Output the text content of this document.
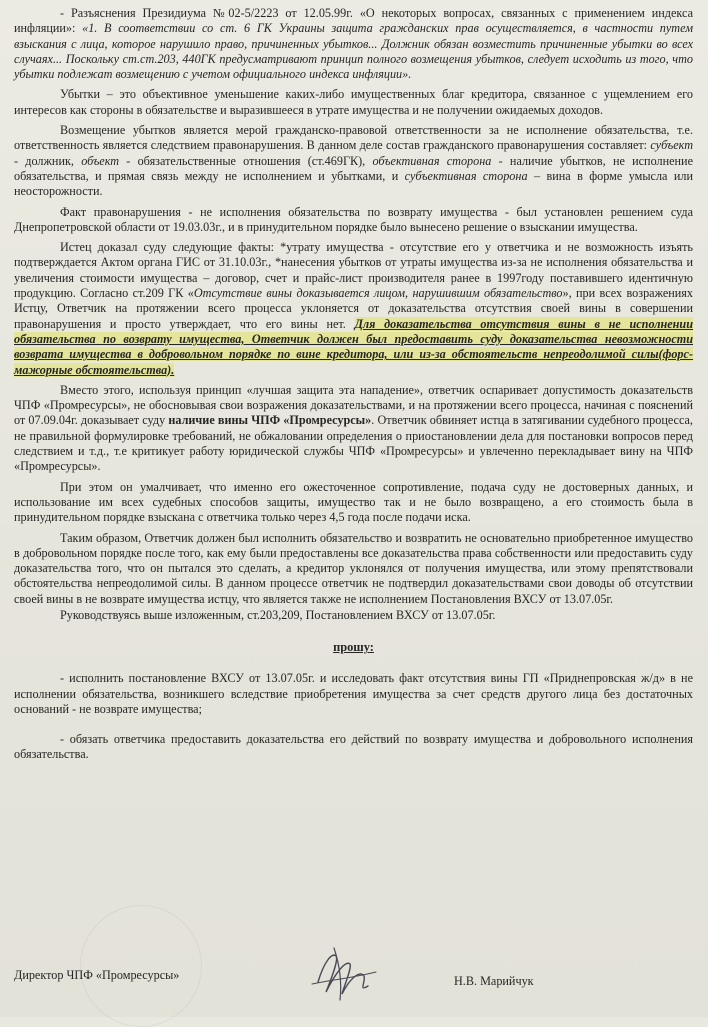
- Разъяснения Президиума №02-5/2223 от 12.05.99г. «О некоторых вопросах, связанных с применением индекса инфляции»: «1. В соответствии со ст. 6 ГК Украины защита гражданских прав осуществляется, в частности путем взыскания с лица, которое нарушило право, причиненных убытков... Должник обязан возместить причиненные убытки во всех случаях... Поскольку ст.ст.203, 440ГК предусматривают принцип полного возмещения убытков, следует исходить из того, что убытки подлежат возмещению с учетом официального индекса инфляции».

Убытки – это объективное уменьшение каких-либо имущественных благ кредитора, связанное с ущемлением его интересов как стороны в обязательстве и выразившееся в утрате имущества и не получении ожидаемых доходов.

Возмещение убытков является мерой гражданско-правовой ответственности за не исполнение обязательства, т.е. ответственность является следствием правонарушения. В данном деле состав гражданского правонарушения составляет: субъект - должник, объект - обязательственные отношения (ст.469ГК), объективная сторона - наличие убытков, не исполнение обязательства, и прямая связь между не исполнением и убытками, и субъективная сторона – вина в форме умысла или неосторожности.

Факт правонарушения - не исполнения обязательства по возврату имущества - был установлен решением суда Днепропетровской области от 19.03.03г., и в принудительном порядке было вынесено решение о взыскании имущества.

Истец доказал суду следующие факты: *утрату имущества - отсутствие его у ответчика и не возможность изъять подтверждается Актом органа ГИС от 31.10.03г., *нанесения убытков от утраты имущества из-за не исполнения обязательства и увеличения стоимости имущества – договор, счет и прайс-лист производителя ранее в 1997году поставившего идентичную продукцию. Согласно ст.209 ГК «Отсутствие вины доказывается лицом, нарушившим обязательство», при всех возражениях Истцу, Ответчик на протяжении всего процесса уклоняется от доказательства отсутствия своей вины в совершении правонарушения и просто утверждает, что его вины нет. Для доказательства отсутствия вины в не исполнении обязательства по возврату имущества, Ответчик должен был предоставить суду доказательства невозможности возврата имущества в добровольном порядке по вине кредитора, или из-за обстоятельств непреодолимой силы(форс-мажорные обстоятельства).

Вместо этого, используя принцип «лучшая защита эта нападение», ответчик оспаривает допустимость доказательств ЧПФ «Промресурсы», не обосновывая свои возражения доказательствами, и на протяжении всего процесса, начиная с пояснений от 07.09.04г. доказывает суду наличие вины ЧПФ «Промресурсы». Ответчик обвиняет истца в затягивании судебного процесса, не правильной формулировке требований, не обжаловании определения о приостановлении дела для постановки вопросов перед следствием и т.д., т.е критикует работу юридической службы ЧПФ «Промресурсы» и увлеченно перекладывает вину на ЧПФ «Промресурсы».

При этом он умалчивает, что именно его ожесточенное сопротивление, подача суду не достоверных данных, и использование им всех судебных способов защиты, имущество так и не было возвращено, а его стоимость была в принудительном порядке взыскана с ответчика только через 4,5 года после подачи иска.

Таким образом, Ответчик должен был исполнить обязательство и возвратить не основательно приобретенное имущество в добровольном порядке после того, как ему были предоставлены все доказательства права собственности или предоставить суду доказательства того, что он пытался это сделать, а кредитор уклонялся от получения имущества, или этому препятствовали обстоятельства непреодолимой силы. В данном процессе ответчик не подтвердил доказательствами свои доводы об отсутствии своей вины в не возврате имущества истцу, что является также не исполнением Постановления ВХСУ от 13.07.05г.

Руководствуясь выше изложенным, ст.203,209, Постановлением ВХСУ от 13.07.05г.

прошу:

- исполнить постановление ВХСУ от 13.07.05г. и исследовать факт отсутствия вины ГП «Приднепровская ж/д» в не исполнении обязательства, возникшего вследствие приобретения имущества за счет средств другого лица без достаточных оснований - не возврате имущества;

- обязать ответчика предоставить доказательства его действий по возврату имущества и добровольного исполнения обязательства.

Директор ЧПФ «Промресурсы»	Н.В. Марийчук
